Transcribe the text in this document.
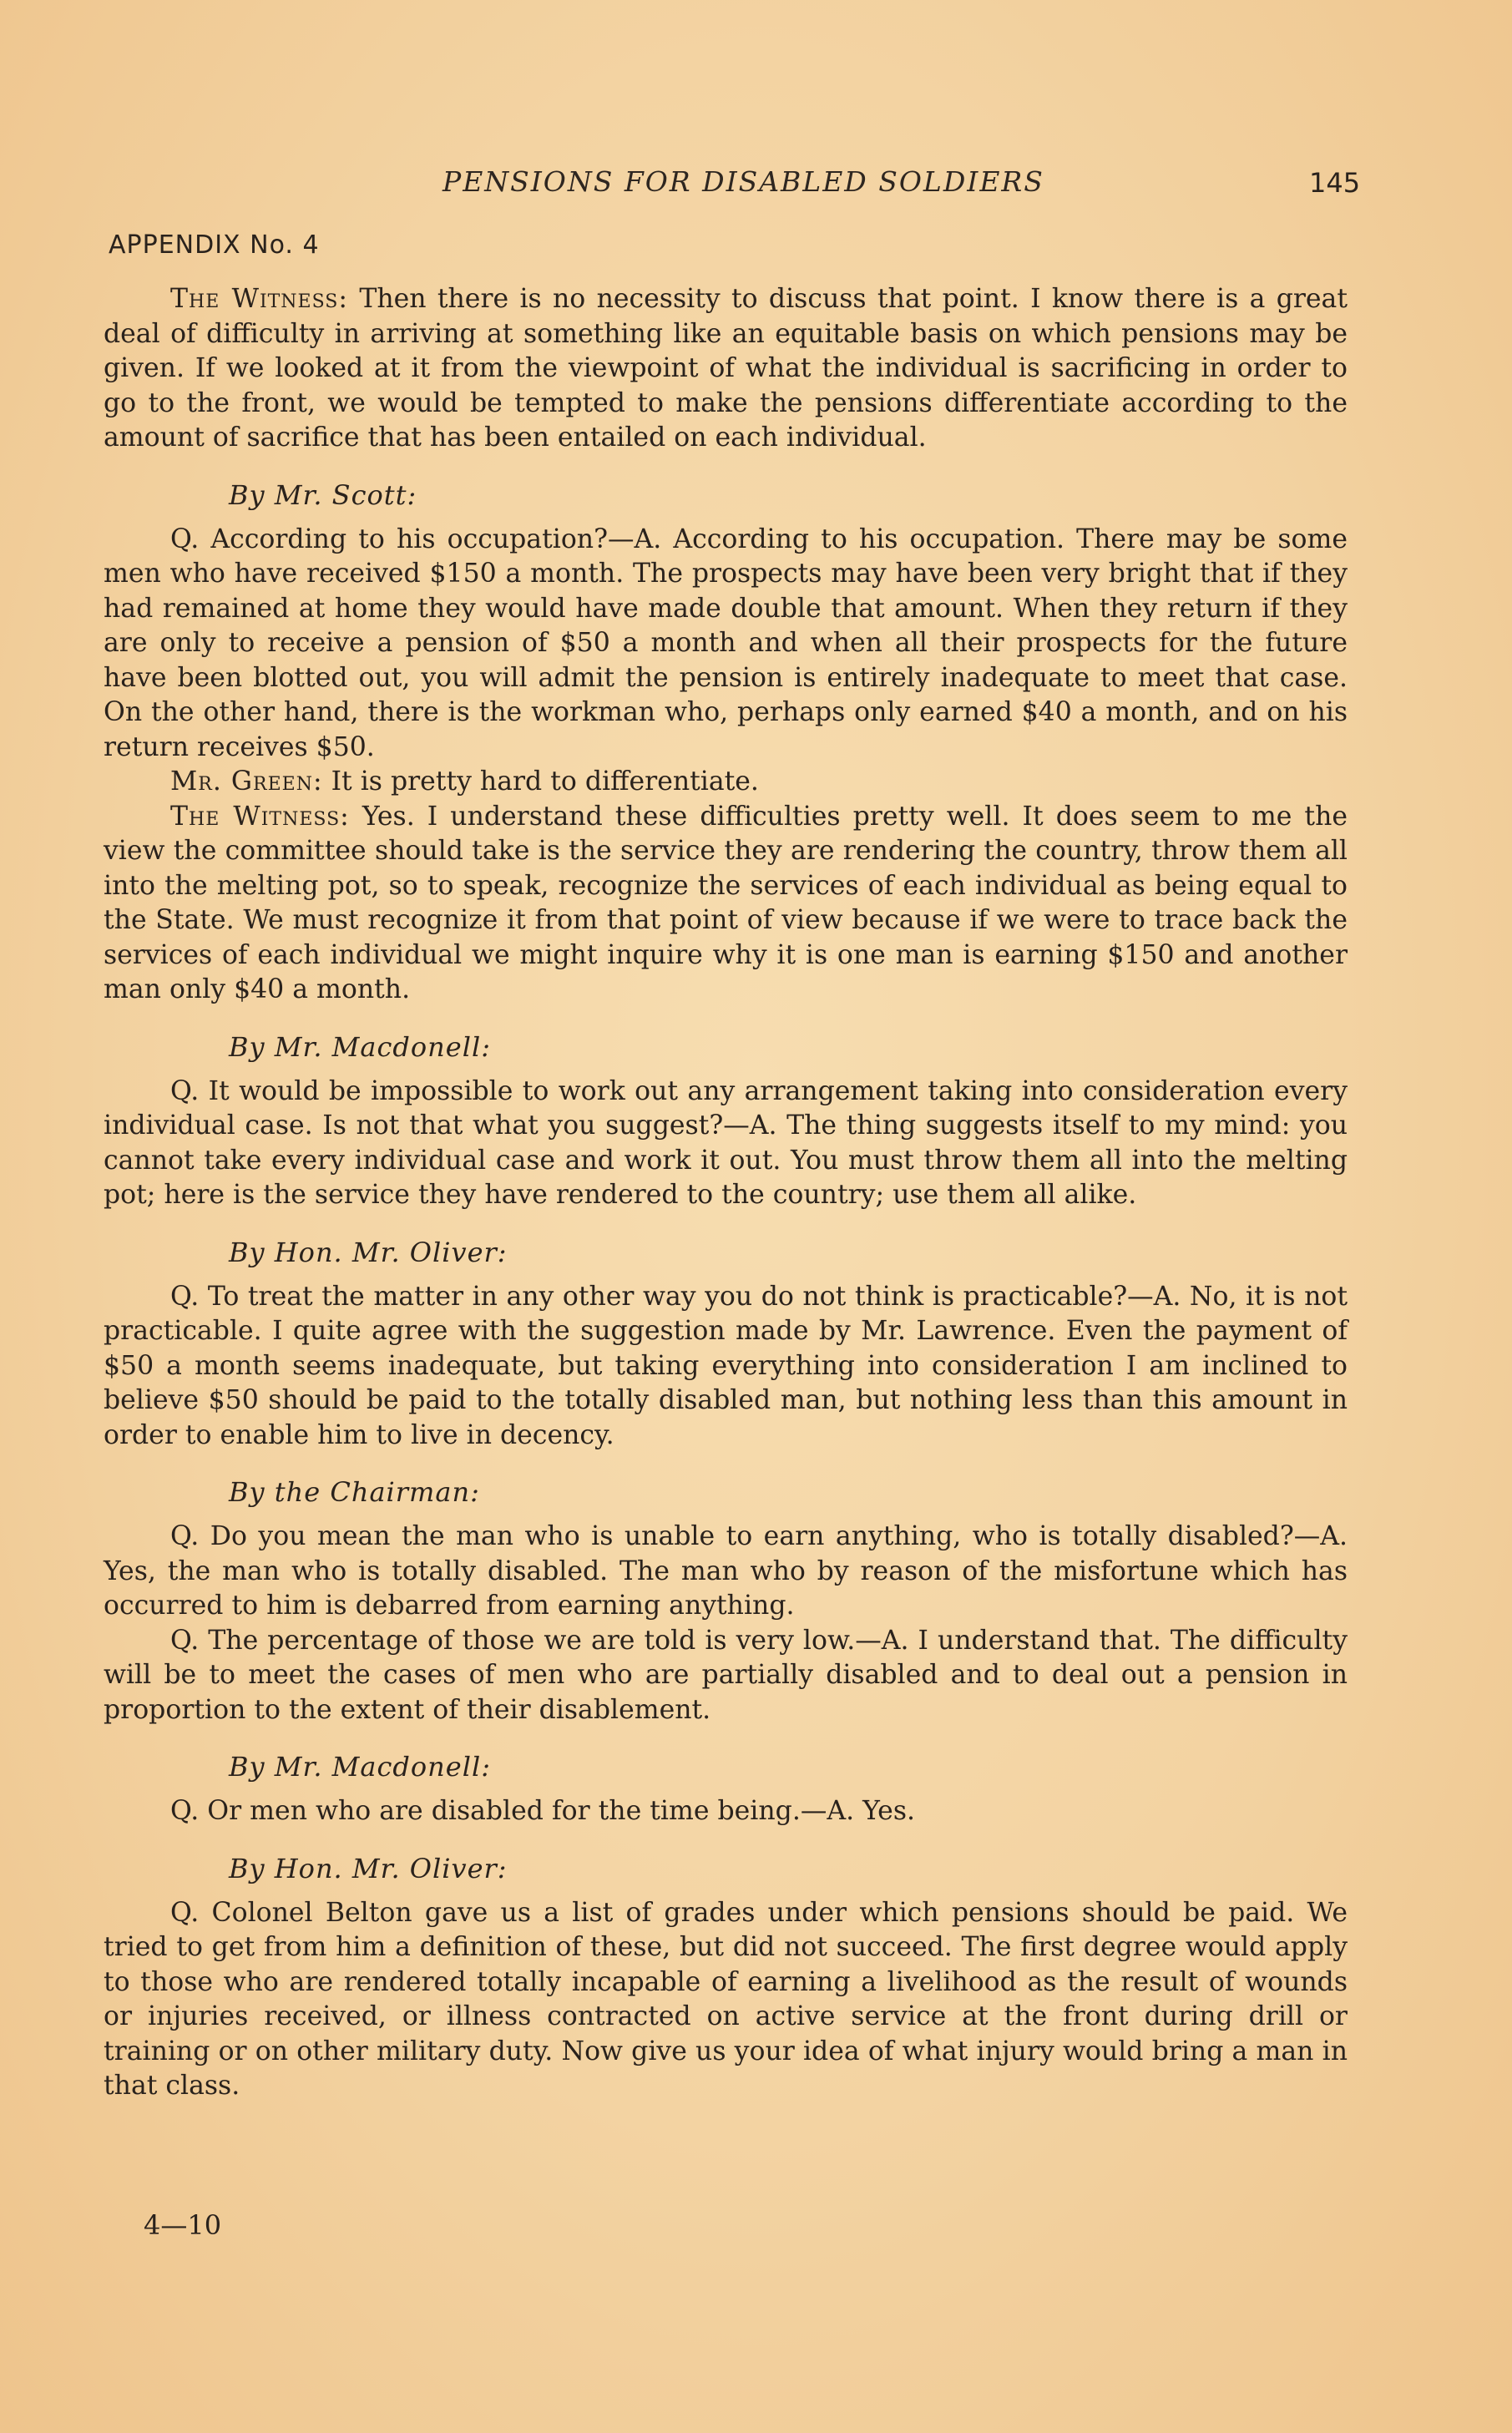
PENSIONS FOR DISABLED SOLDIERS	145
APPENDIX No. 4

The Witness: Then there is no necessity to discuss that point. I know there is a great deal of difficulty in arriving at something like an equitable basis on which pensions may be given. If we looked at it from the viewpoint of what the individual is sacrificing in order to go to the front, we would be tempted to make the pensions differentiate according to the amount of sacrifice that has been entailed on each individual.

By Mr. Scott:

Q. According to his occupation?—A. According to his occupation. There may be some men who have received $150 a month. The prospects may have been very bright that if they had remained at home they would have made double that amount. When they return if they are only to receive a pension of $50 a month and when all their prospects for the future have been blotted out, you will admit the pension is entirely inadequate to meet that case. On the other hand, there is the workman who, perhaps only earned $40 a month, and on his return receives $50.

Mr. Green: It is pretty hard to differentiate.

The Witness: Yes. I understand these difficulties pretty well. It does seem to me the view the committee should take is the service they are rendering the country, throw them all into the melting pot, so to speak, recognize the services of each individual as being equal to the State. We must recognize it from that point of view because if we were to trace back the services of each individual we might inquire why it is one man is earning $150 and another man only $40 a month.

By Mr. Macdonell:

Q. It would be impossible to work out any arrangement taking into consideration every individual case. Is not that what you suggest?—A. The thing suggests itself to my mind: you cannot take every individual case and work it out. You must throw them all into the melting pot; here is the service they have rendered to the country; use them all alike.

By Hon. Mr. Oliver:

Q. To treat the matter in any other way you do not think is practicable?—A. No, it is not practicable. I quite agree with the suggestion made by Mr. Lawrence. Even the payment of $50 a month seems inadequate, but taking everything into consideration I am inclined to believe $50 should be paid to the totally disabled man, but nothing less than this amount in order to enable him to live in decency.

By the Chairman:

Q. Do you mean the man who is unable to earn anything, who is totally disabled?—A. Yes, the man who is totally disabled. The man who by reason of the misfortune which has occurred to him is debarred from earning anything.

Q. The percentage of those we are told is very low.—A. I understand that. The difficulty will be to meet the cases of men who are partially disabled and to deal out a pension in proportion to the extent of their disablement.

By Mr. Macdonell:

Q. Or men who are disabled for the time being.—A. Yes.

By Hon. Mr. Oliver:

Q. Colonel Belton gave us a list of grades under which pensions should be paid. We tried to get from him a definition of these, but did not succeed. The first degree would apply to those who are rendered totally incapable of earning a livelihood as the result of wounds or injuries received, or illness contracted on active service at the front during drill or training or on other military duty. Now give us your idea of what injury would bring a man in that class.

4—10
